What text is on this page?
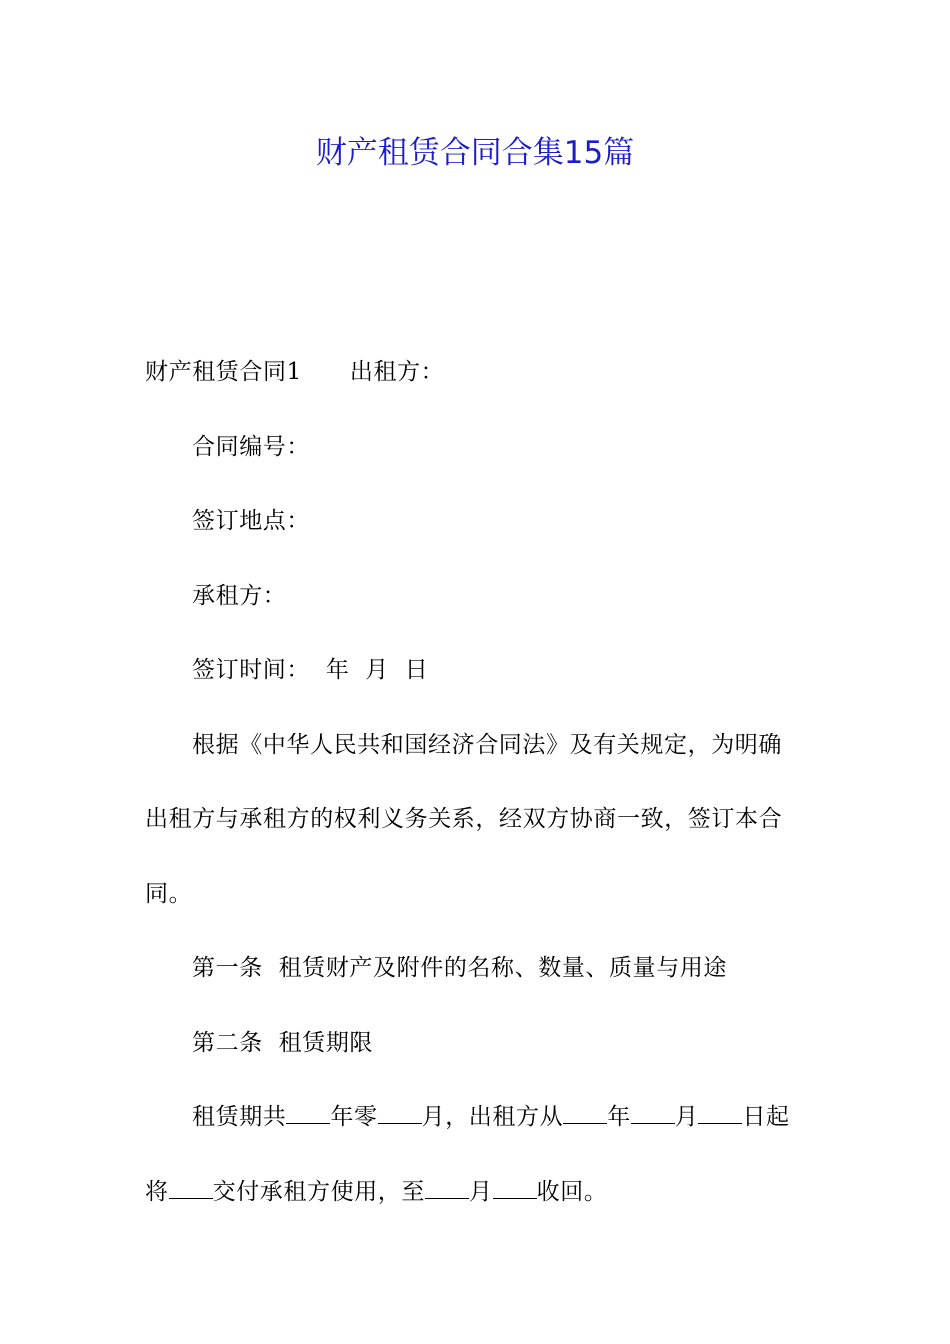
财产租赁合同合集15篇

财产租赁合同1 出租方：

合同编号：

签订地点：

承租方：

签订时间： 年 月 日

根据《中华人民共和国经济合同法》及有关规定，为明确出租方与承租方的权利义务关系，经双方协商一致，签订本合同。

第一条  租赁财产及附件的名称、数量、质量与用途

第二条  租赁期限

租赁期共 年零 月，出租方从 年 月 日起将 交付承租方使用，至 月 收回。
